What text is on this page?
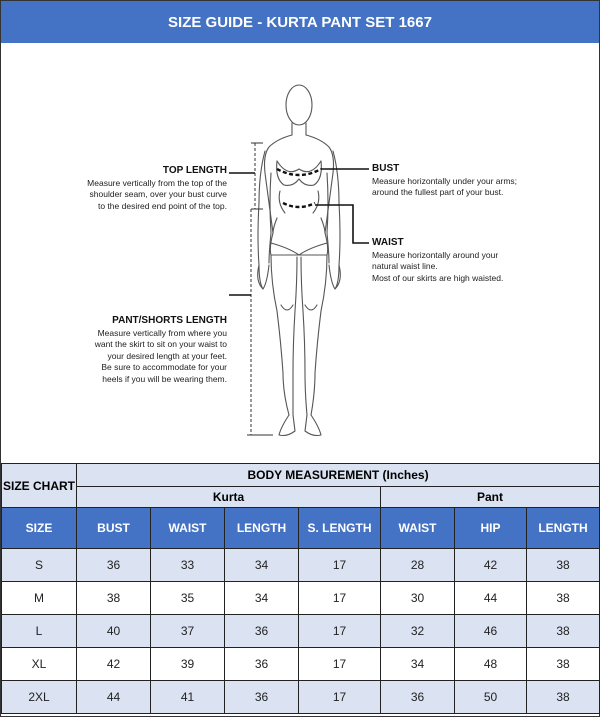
SIZE GUIDE - KURTA PANT SET 1667
TOP LENGTH
Measure vertically from the top of the
shoulder seam, over your bust curve
to the desired end point of the top.
BUST
Measure horizontally under your arms;
around the fullest part of your bust.
WAIST
Measure horizontally around your
natural waist line.
Most of our skirts are high waisted.
PANT/SHORTS LENGTH
Measure vertically from where you
want the skirt to sit on your waist to
your desired length at your feet.
Be sure to accommodate for your
heels if you will be wearing them.
SIZE CHART	BODY MEASUREMENT (Inches)						
	Kurta				Pant		
SIZE	BUST	WAIST	LENGTH	S. LENGTH	WAIST	HIP	LENGTH
S	36	33	34	17	28	42	38
M	38	35	34	17	30	44	38
L	40	37	36	17	32	46	38
XL	42	39	36	17	34	48	38
2XL	44	41	36	17	36	50	38
